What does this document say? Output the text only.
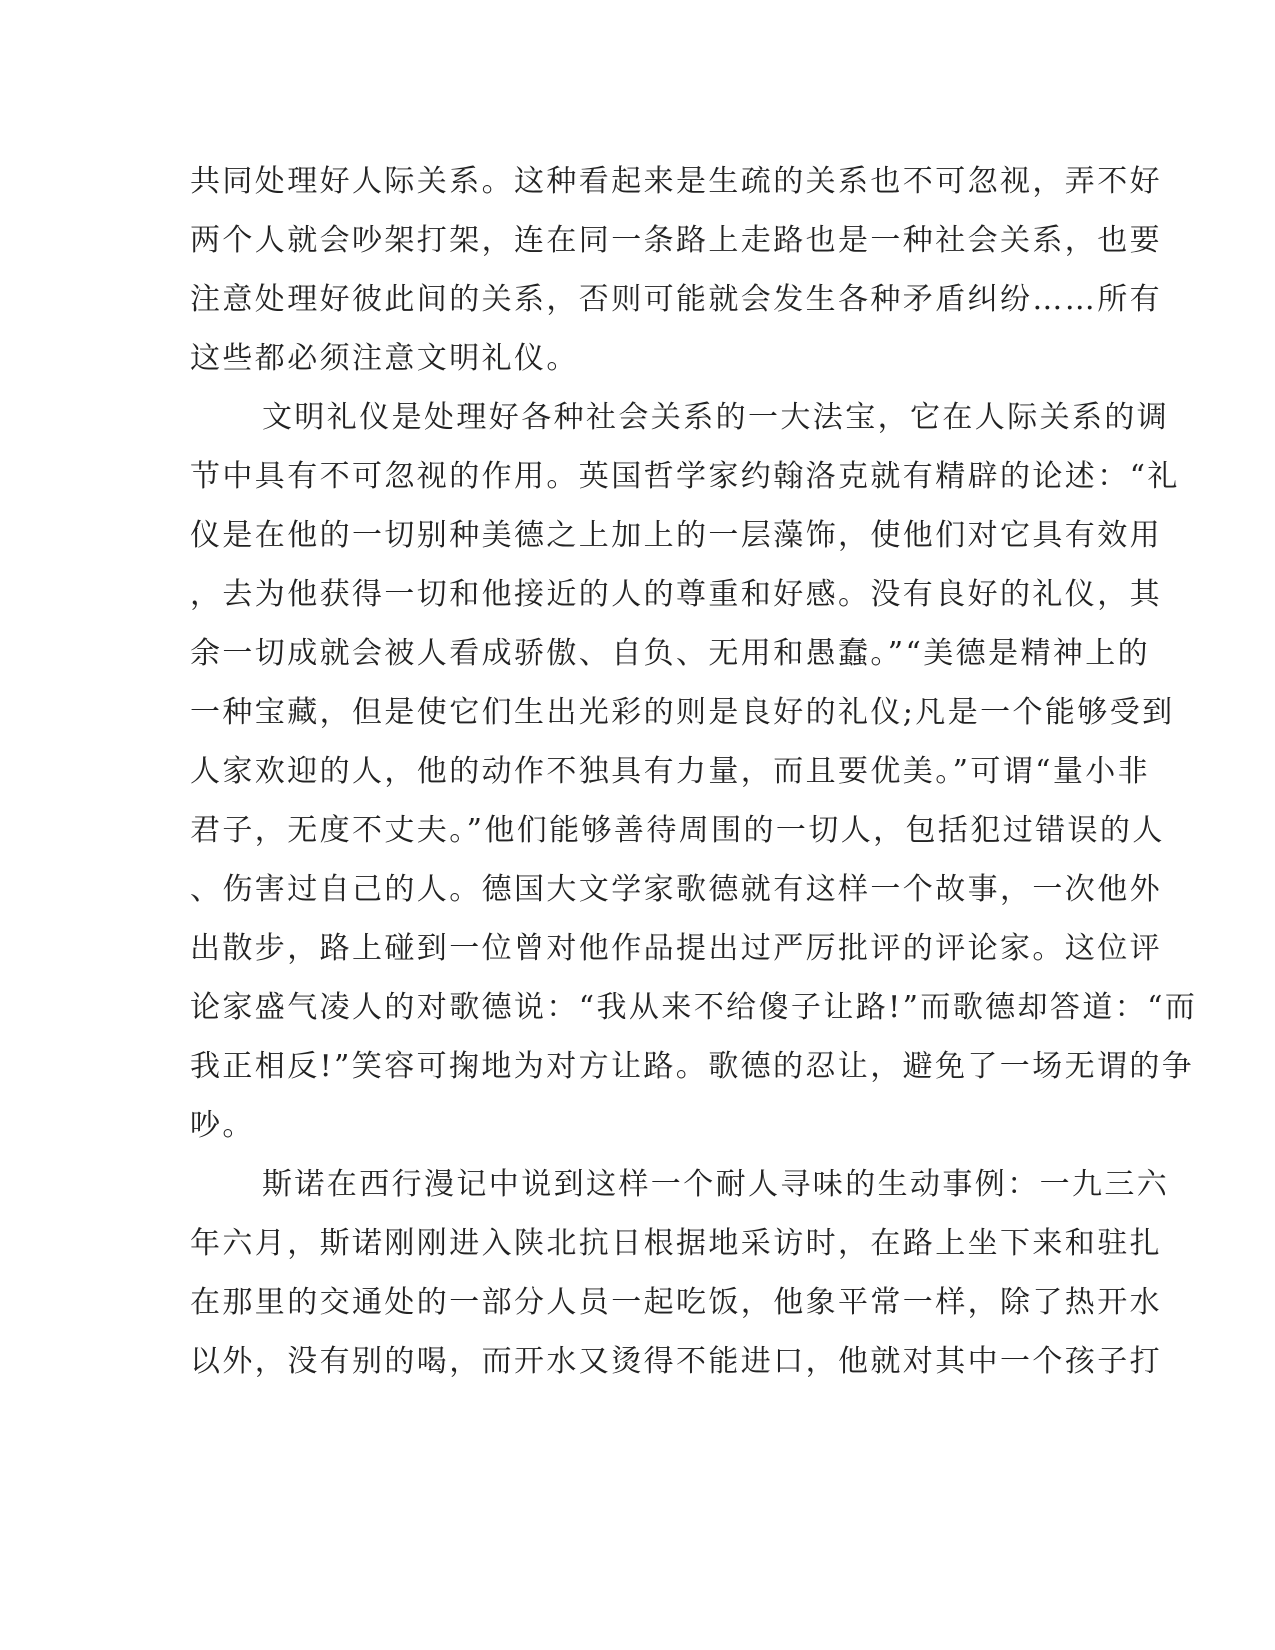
共同处理好人际关系。这种看起来是生疏的关系也不可忽视，弄不好
两个人就会吵架打架，连在同一条路上走路也是一种社会关系，也要
注意处理好彼此间的关系，否则可能就会发生各种矛盾纠纷……所有
这些都必须注意文明礼仪。
文明礼仪是处理好各种社会关系的一大法宝，它在人际关系的调
节中具有不可忽视的作用。英国哲学家约翰洛克就有精辟的论述：“礼
仪是在他的一切别种美德之上加上的一层藻饰，使他们对它具有效用
，去为他获得一切和他接近的人的尊重和好感。没有良好的礼仪，其
余一切成就会被人看成骄傲、自负、无用和愚蠢。”“美德是精神上的
一种宝藏，但是使它们生出光彩的则是良好的礼仪;凡是一个能够受到
人家欢迎的人，他的动作不独具有力量，而且要优美。”可谓“量小非
君子，无度不丈夫。”他们能够善待周围的一切人，包括犯过错误的人
、伤害过自己的人。德国大文学家歌德就有这样一个故事，一次他外
出散步，路上碰到一位曾对他作品提出过严厉批评的评论家。这位评
论家盛气凌人的对歌德说：“我从来不给傻子让路!”而歌德却答道：“而
我正相反!”笑容可掬地为对方让路。歌德的忍让，避免了一场无谓的争
吵。
斯诺在西行漫记中说到这样一个耐人寻味的生动事例：一九三六
年六月，斯诺刚刚进入陕北抗日根据地采访时，在路上坐下来和驻扎
在那里的交通处的一部分人员一起吃饭，他象平常一样，除了热开水
以外，没有别的喝，而开水又烫得不能进口，他就对其中一个孩子打
